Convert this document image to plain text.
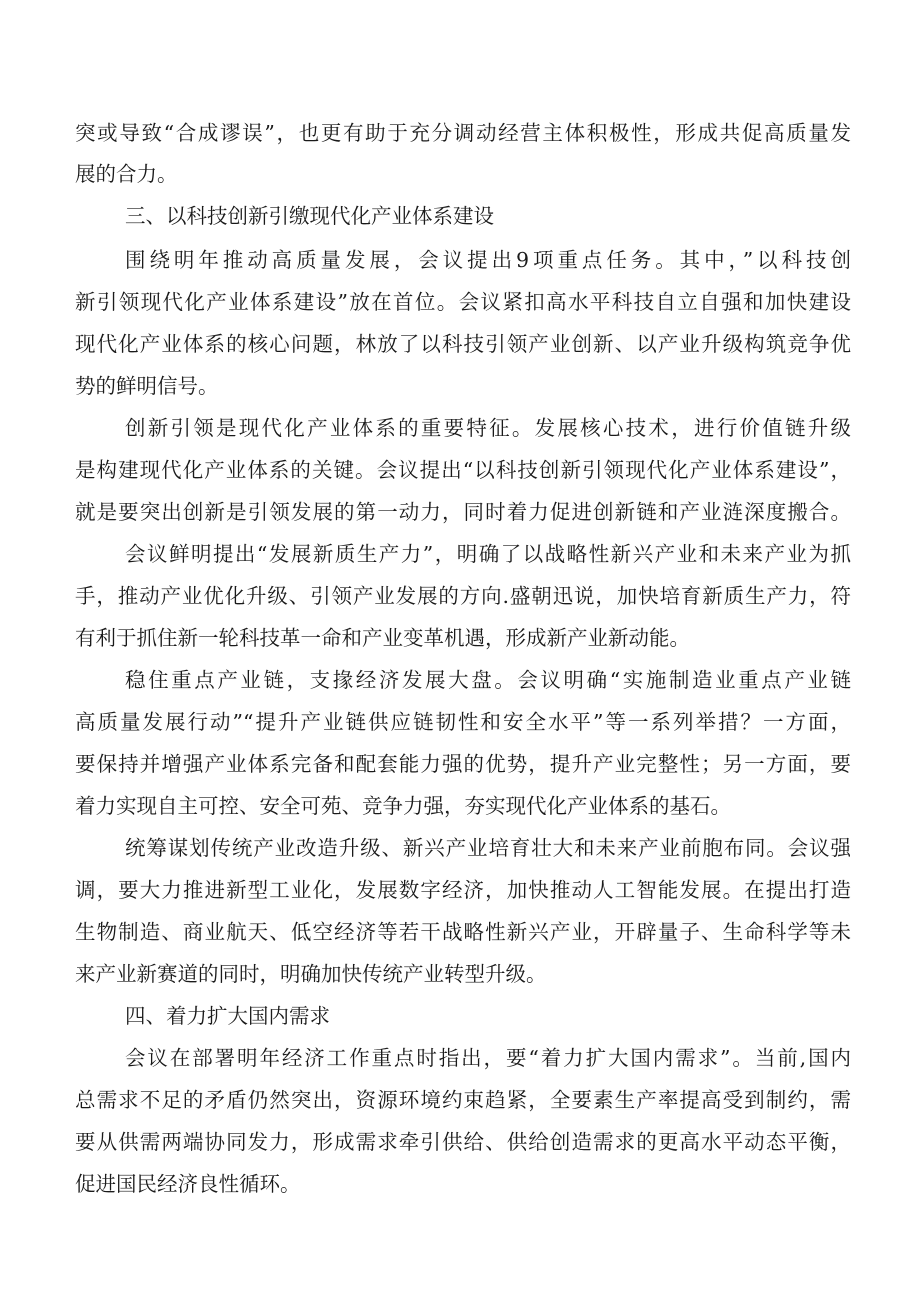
突或导致“合成谬误”，也更有助于充分调动经营主体积极性，形成共促高质量发
展的合力。
三、以科技创新引缴现代化产业体系建设
围绕明年推动高质量发展，会议提出9项重点任务。其中，”以科技创
新引领现代化产业体系建设”放在首位。会议紧扣高水平科技自立自强和加快建设
现代化产业体系的核心问题，林放了以科技引领产业创新、以产业升级构筑竞争优
势的鲜明信号。
创新引领是现代化产业体系的重要特征。发展核心技术，进行价值链升级
是构建现代化产业体系的关键。会议提出“以科技创新引领现代化产业体系建设”，
就是要突出创新是引领发展的第一动力，同时着力促进创新链和产业涟深度搬合。
会议鲜明提出“发展新质生产力”，明确了以战略性新兴产业和未来产业为抓
手，推动产业优化升级、引领产业发展的方向.盛朝迅说，加快培育新质生产力，符
有利于抓住新一轮科技革一命和产业变革机遇，形成新产业新动能。
稳住重点产业链，支掾经济发展大盘。会议明确“实施制造业重点产业链
高质量发展行动”“提升产业链供应链韧性和安全水平”等一系列举措？一方面，
要保持并增强产业体系完备和配套能力强的优势，提升产业完整性；另一方面，要
着力实现自主可控、安全可苑、竞争力强，夯实现代化产业体系的基石。
统筹谋划传统产业改造升级、新兴产业培育壮大和未来产业前胞布同。会议强
调，要大力推进新型工业化，发展数字经济，加快推动人工智能发展。在提出打造
生物制造、商业航天、低空经济等若干战略性新兴产业，开辟量子、生命科学等未
来产业新赛道的同时，明确加快传统产业转型升级。
四、着力扩大国内需求
会议在部署明年经济工作重点时指出，要“着力扩大国内需求”。当前,国内
总需求不足的矛盾仍然突出，资源环境约束趋紧，全要素生产率提高受到制约，需
要从供需两端协同发力，形成需求牵引供给、供给创造需求的更高水平动态平衡，
促进国民经济良性循环。
